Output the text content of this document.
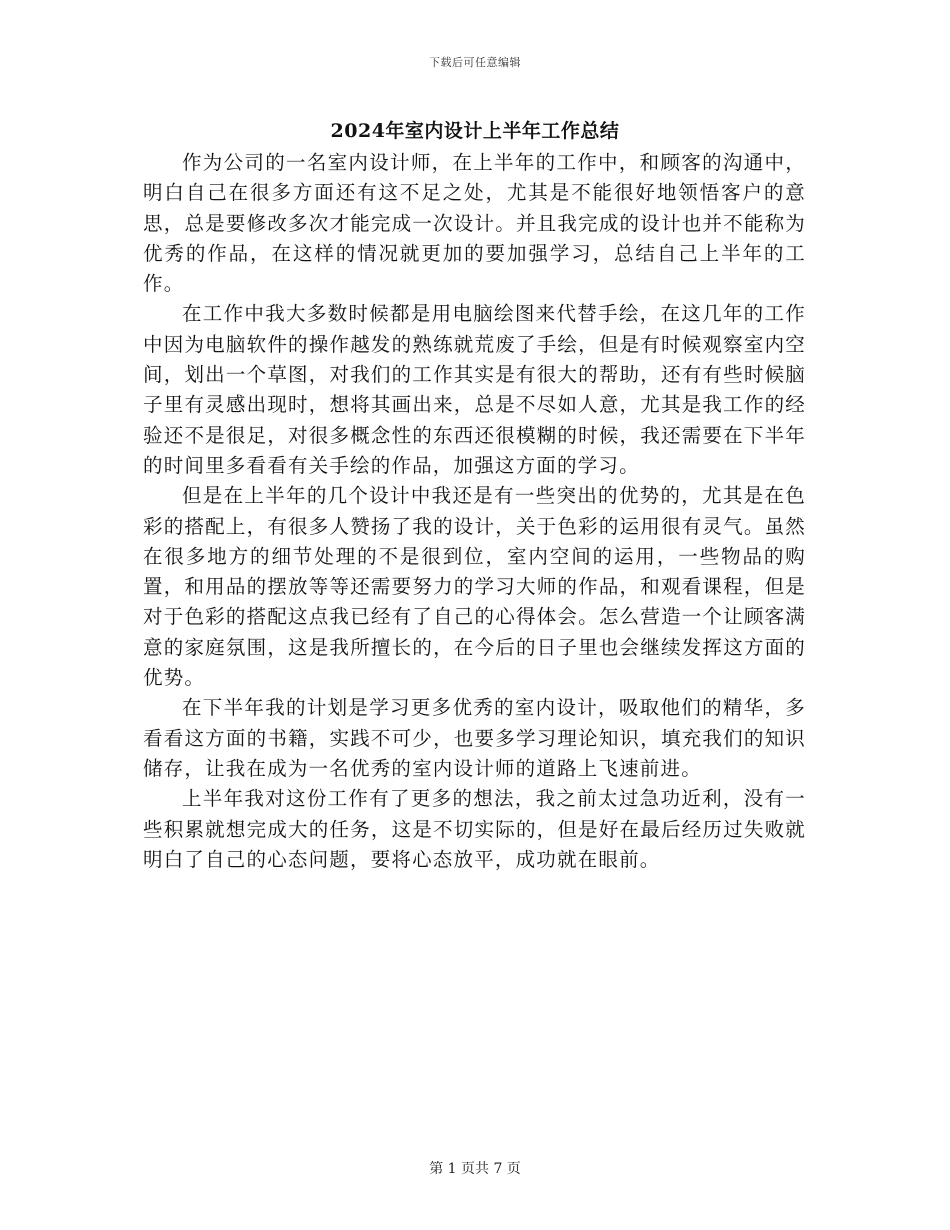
下载后可任意编辑
2024年室内设计上半年工作总结

作为公司的一名室内设计师，在上半年的工作中，和顾客的沟通中，明白自己在很多方面还有这不足之处，尤其是不能很好地领悟客户的意思，总是要修改多次才能完成一次设计。并且我完成的设计也并不能称为优秀的作品，在这样的情况就更加的要加强学习，总结自己上半年的工作。

在工作中我大多数时候都是用电脑绘图来代替手绘，在这几年的工作中因为电脑软件的操作越发的熟练就荒废了手绘，但是有时候观察室内空间，划出一个草图，对我们的工作其实是有很大的帮助，还有有些时候脑子里有灵感出现时，想将其画出来，总是不尽如人意，尤其是我工作的经验还不是很足，对很多概念性的东西还很模糊的时候，我还需要在下半年的时间里多看看有关手绘的作品，加强这方面的学习。

但是在上半年的几个设计中我还是有一些突出的优势的，尤其是在色彩的搭配上，有很多人赞扬了我的设计，关于色彩的运用很有灵气。虽然在很多地方的细节处理的不是很到位，室内空间的运用，一些物品的购置，和用品的摆放等等还需要努力的学习大师的作品，和观看课程，但是对于色彩的搭配这点我已经有了自己的心得体会。怎么营造一个让顾客满意的家庭氛围，这是我所擅长的，在今后的日子里也会继续发挥这方面的优势。

在下半年我的计划是学习更多优秀的室内设计，吸取他们的精华，多看看这方面的书籍，实践不可少，也要多学习理论知识，填充我们的知识储存，让我在成为一名优秀的室内设计师的道路上飞速前进。

上半年我对这份工作有了更多的想法，我之前太过急功近利，没有一些积累就想完成大的任务，这是不切实际的，但是好在最后经历过失败就明白了自己的心态问题，要将心态放平，成功就在眼前。

第 1 页共 7 页
